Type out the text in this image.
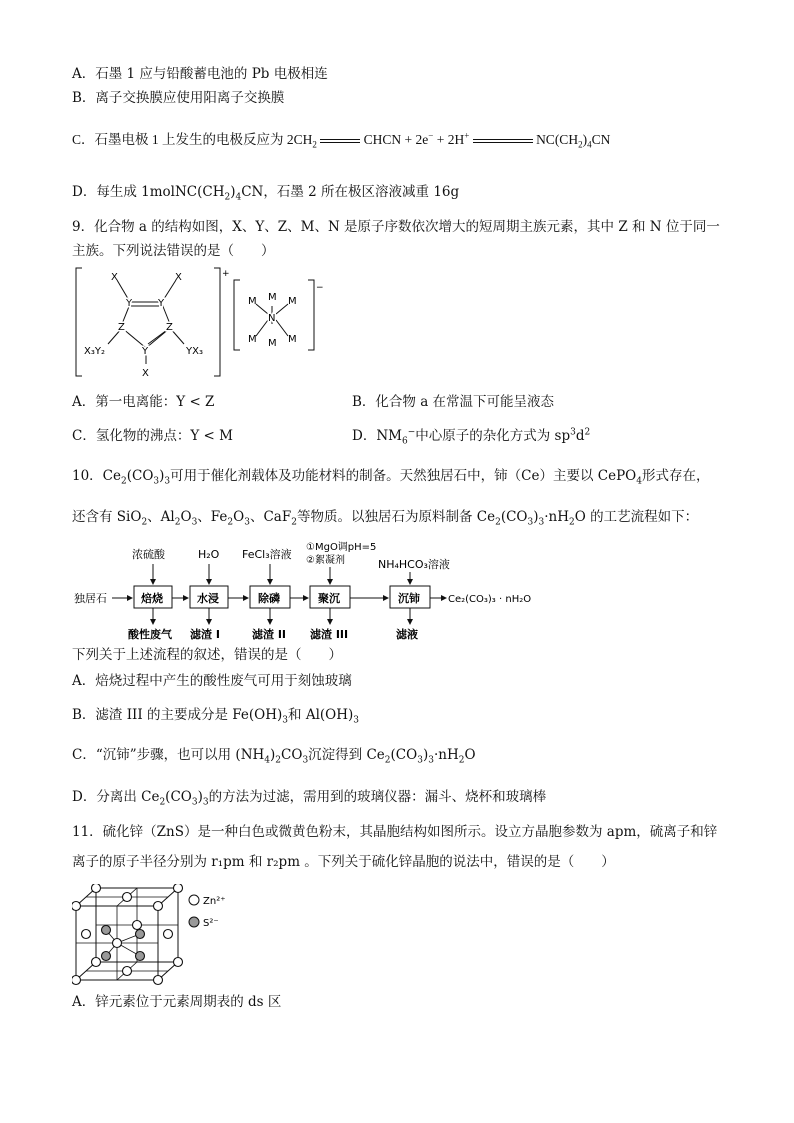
A．石墨 1 应与铅酸蓄电池的 Pb 电极相连
B．离子交换膜应使用阳离子交换膜
C．石墨电极 1 上发生的电极反应为 $2CH_2$	CHCN + 2e− + 2H+	$NC(CH_2)_4CN$
D．每生成 $1molNC(CH_2)_4CN$，石墨 2 所在极区溶液减重 16g
9．化合物 a 的结构如图，X、Y、Z、M、N 是原子序数依次增大的短周期主族元素，其中 Z 和 N 位于同一
主族。下列说法错误的是（　　）
+
X	X
Y	Y
Z	Z
Y
X
X₃Y₂	YX₃
−
M
M	M
N
M M M
A．第一电离能：Y < Z	B．化合物 a 在常温下可能呈液态
C．氢化物的沸点：Y < M	D．$NM_6^-$中心原子的杂化方式为 $sp^3d^2$
10．$Ce_2(CO_3)_3$可用于催化剂载体及功能材料的制备。天然独居石中，铈（Ce）主要以 CePO$_4$形式存在，
还含有 SiO$_2$、$Al_2O_3$、$Fe_2O_3$、CaF$_2$等物质。以独居石为原料制备 $Ce_2(CO_3)_3\cdot nH_2O$ 的工艺流程如下：
独居石	焙烧	水浸	除磷	聚沉	沉铈	Ce₂(CO₃)₃ · nH₂O
浓硫酸	H₂O FeCl₃溶液
①MgO调pH=5
②絮凝剂	NH₄HCO₃溶液
酸性废气 滤渣 I	滤渣 II 滤渣 III	滤液
下列关于上述流程的叙述，错误的是（　　）
A．焙烧过程中产生的酸性废气可用于刻蚀玻璃
B．滤渣 III 的主要成分是 $Fe(OH)_3$和 $Al(OH)_3$
C．“沉铈”步骤，也可以用 $(NH_4)_2CO_3$沉淀得到 $Ce_2(CO_3)_3\cdot nH_2O$
D．分离出 $Ce_2(CO_3)_3$的方法为过滤，需用到的玻璃仪器：漏斗、烧杯和玻璃棒
11．硫化锌（ZnS）是一种白色或微黄色粉末，其晶胞结构如图所示。设立方晶胞参数为 apm，硫离子和锌
离子的原子半径分别为 r₁pm 和 r₂pm 。下列关于硫化锌晶胞的说法中，错误的是（　　）
Zn²⁺
S²⁻
A．锌元素位于元素周期表的 ds 区
